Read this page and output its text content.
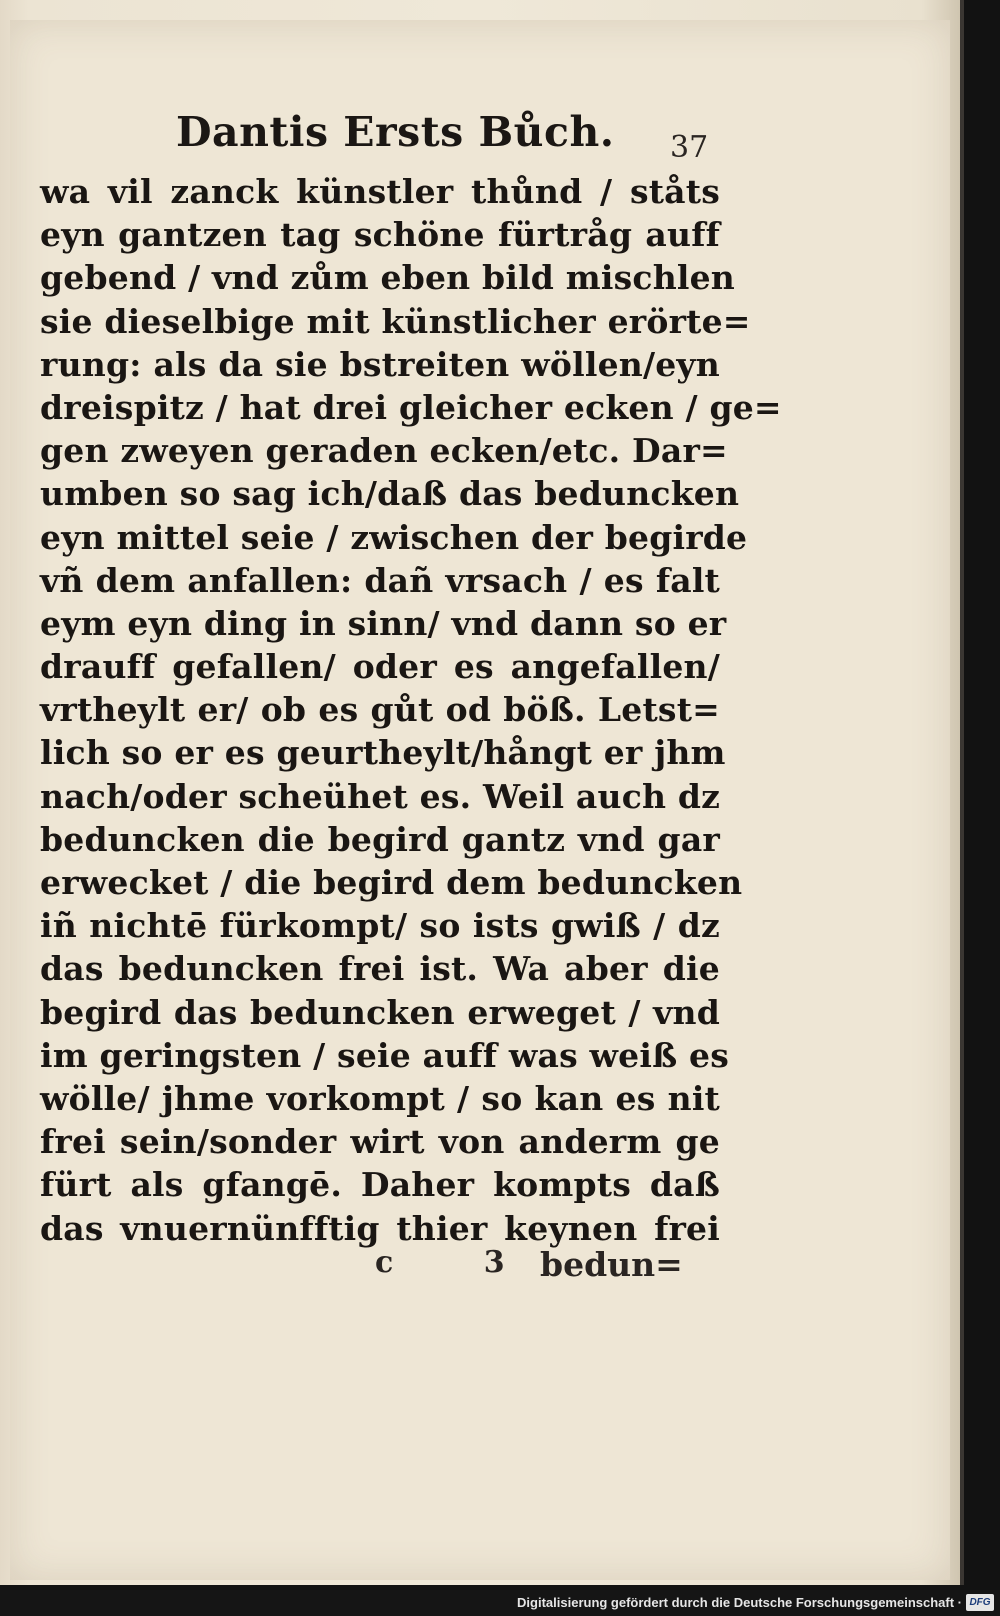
Dantis Ersts Bůch. 37
wa vil zanck künstler thůnd / ståts
eyn gantzen tag schöne fürtråg auff
gebend / vnd zům eben bild mischlen
sie dieselbige mit künstlicher erörte=
rung: als da sie bstreiten wöllen/eyn
dreispitz / hat drei gleicher ecken / ge=
gen zweyen geraden ecken/etc. Dar=
umben so sag ich/daß das beduncken
eyn mittel seie / zwischen der begirde
vñ dem anfallen: dañ vrsach / es falt
eym eyn ding in sinn/ vnd dann so er
drauff gefallen/ oder es angefallen/
vrtheylt er/ ob es gůt od böß. Letst=
lich so er es geurtheylt/hångt er jhm
nach/oder scheühet es. Weil auch dz
beduncken die begird gantz vnd gar
erwecket / die begird dem beduncken
iñ nichtē fürkompt/ so ists gwiß / dz
das beduncken frei ist. Wa aber die
begird das beduncken erweget / vnd
im geringsten / seie auff was weiß es
wölle/ jhme vorkompt / so kan es nit
frei sein/sonder wirt von anderm ge
fürt als gfangē. Daher kompts daß
das vnuernünfftig thier keynen frei
c 3
bedun=
Digitalisierung gefördert durch die Deutsche Forschungsgemeinschaft · DFG
